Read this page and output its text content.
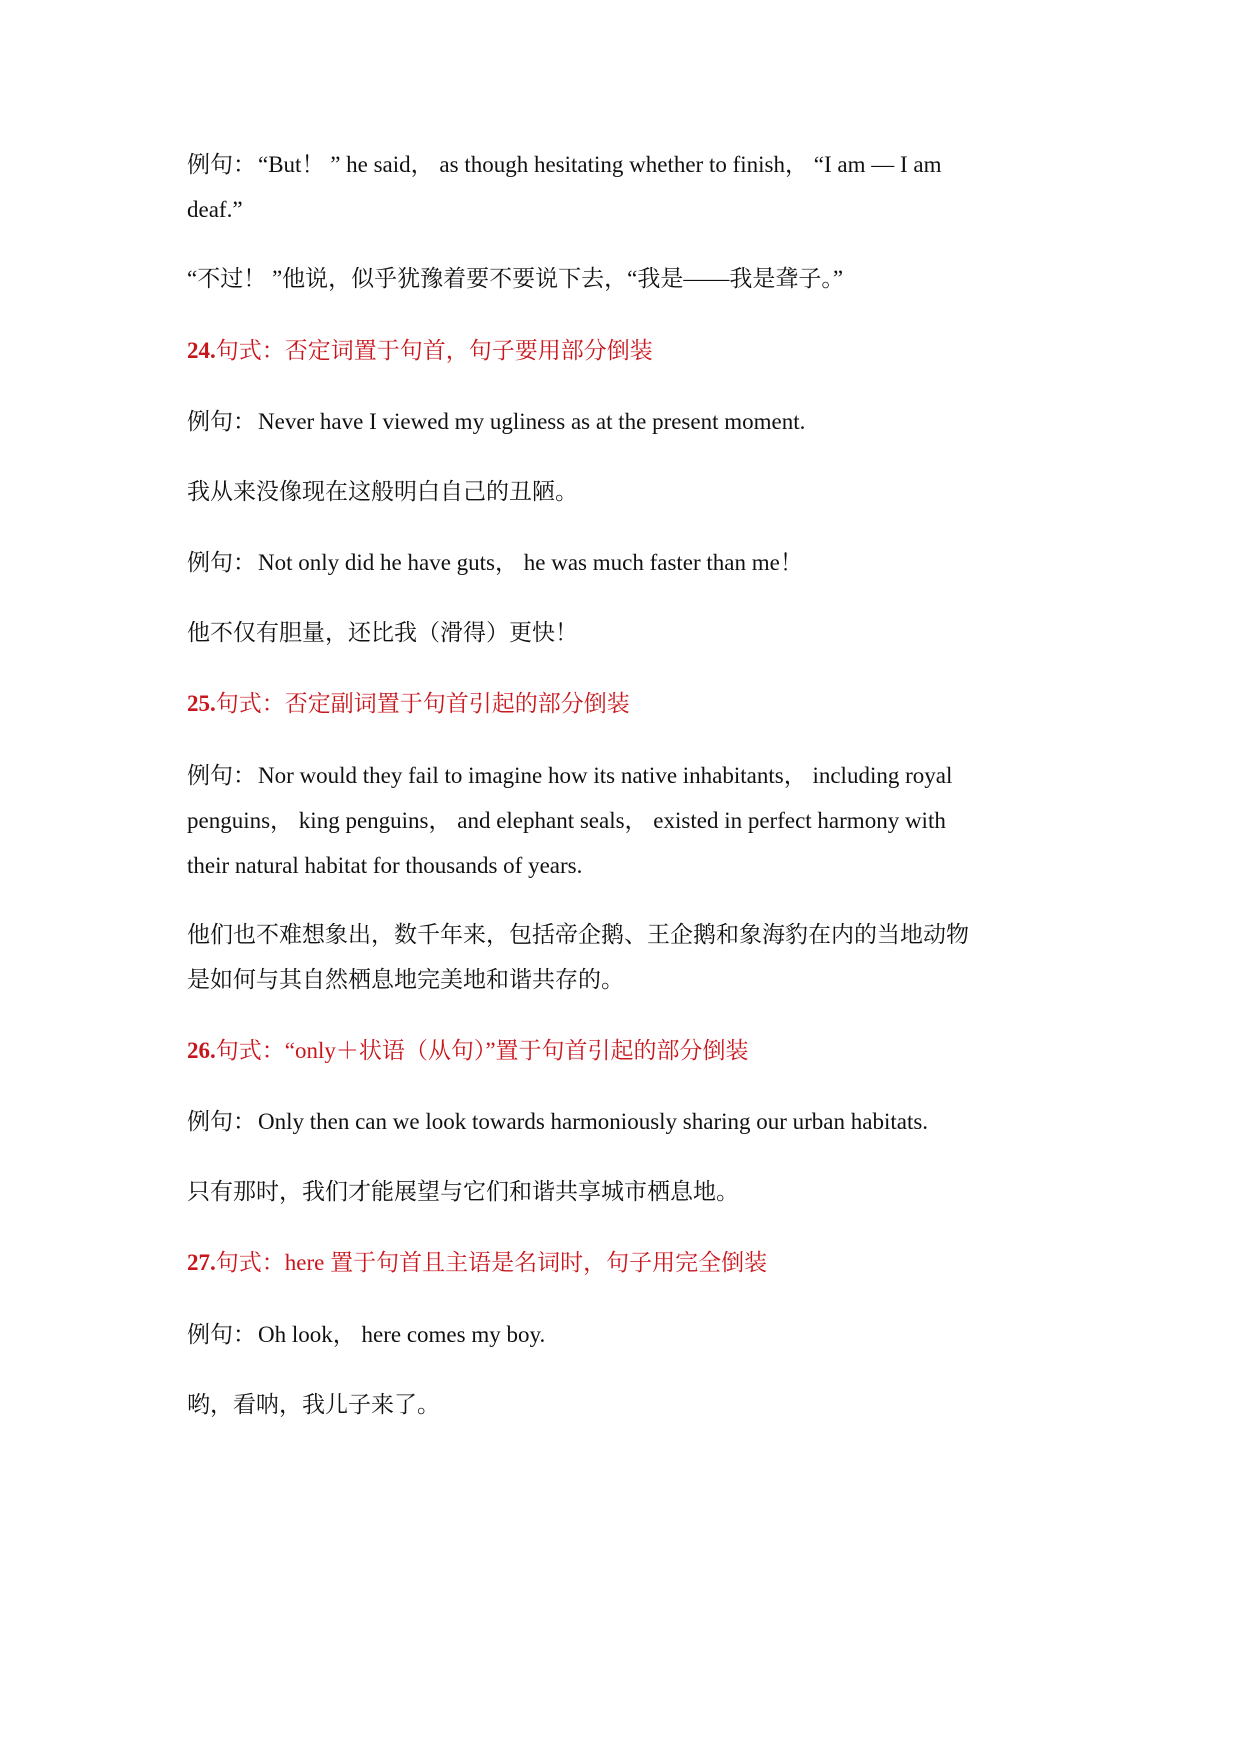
例句：“But！ ” he said， as though hesitating whether to finish， “I am — I am
deaf.”
“不过！ ”他说，似乎犹豫着要不要说下去，“我是——我是聋子。”
24.句式：否定词置于句首，句子要用部分倒装
例句：Never have I viewed my ugliness as at the present moment.
我从来没像现在这般明白自己的丑陋。
例句：Not only did he have guts， he was much faster than me！
他不仅有胆量，还比我（滑得）更快！
25.句式：否定副词置于句首引起的部分倒装
例句：Nor would they fail to imagine how its native inhabitants， including royal
penguins， king penguins， and elephant seals， existed in perfect harmony with
their natural habitat for thousands of years.
他们也不难想象出，数千年来，包括帝企鹅、王企鹅和象海豹在内的当地动物
是如何与其自然栖息地完美地和谐共存的。
26.句式：“only＋状语（从句）”置于句首引起的部分倒装
例句：Only then can we look towards harmoniously sharing our urban habitats.
只有那时，我们才能展望与它们和谐共享城市栖息地。
27.句式：here 置于句首且主语是名词时，句子用完全倒装
例句：Oh look， here comes my boy.
哟，看呐，我儿子来了。
